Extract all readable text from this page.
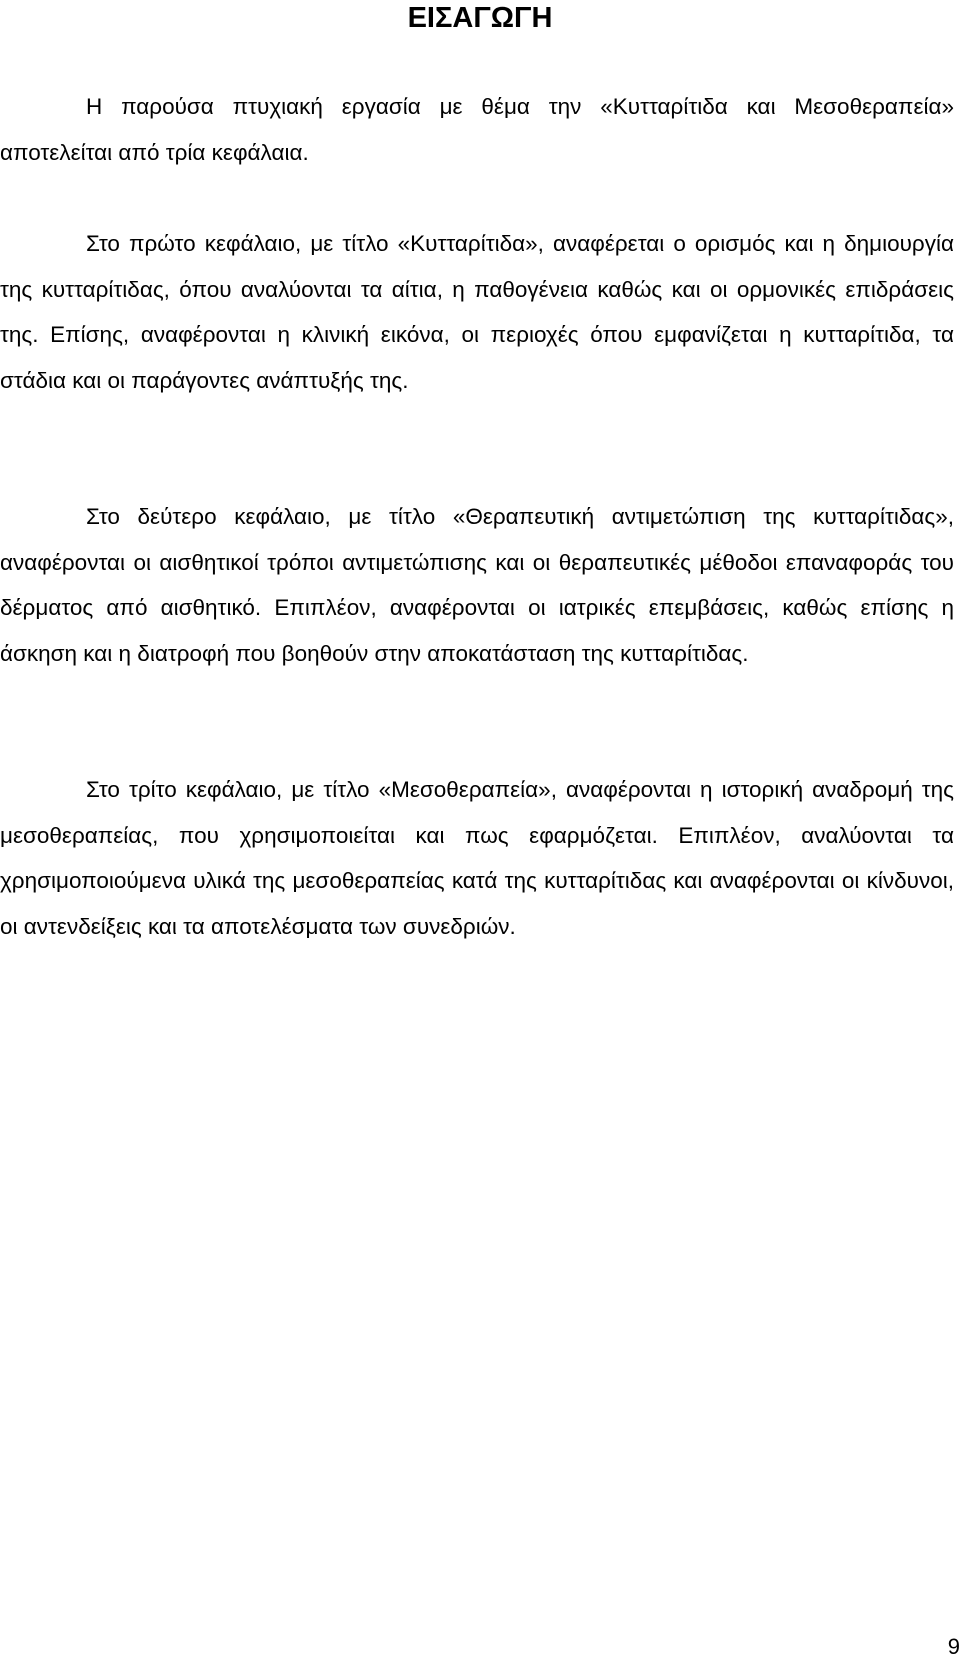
ΕΙΣΑΓΩΓΗ

Η παρούσα πτυχιακή εργασία με θέμα την «Κυτταρίτιδα και Μεσοθεραπεία» αποτελείται από τρία κεφάλαια.

Στο πρώτο κεφάλαιο, με τίτλο «Κυτταρίτιδα», αναφέρεται ο ορισμός και η δημιουργία της κυτταρίτιδας, όπου αναλύονται τα αίτια, η παθογένεια καθώς και οι ορμονικές επιδράσεις της. Επίσης, αναφέρονται η κλινική εικόνα, οι περιοχές όπου εμφανίζεται η κυτταρίτιδα, τα στάδια και οι παράγοντες ανάπτυξής της.

Στο δεύτερο κεφάλαιο, με τίτλο «Θεραπευτική αντιμετώπιση της κυτταρίτιδας», αναφέρονται οι αισθητικοί τρόποι αντιμετώπισης και οι θεραπευτικές μέθοδοι επαναφοράς του δέρματος από αισθητικό. Επιπλέον, αναφέρονται οι ιατρικές επεμβάσεις, καθώς επίσης η άσκηση και η διατροφή που βοηθούν στην αποκατάσταση της κυτταρίτιδας.

Στο τρίτο κεφάλαιο, με τίτλο «Μεσοθεραπεία», αναφέρονται η ιστορική αναδρομή της μεσοθεραπείας, που χρησιμοποιείται και πως εφαρμόζεται. Επιπλέον, αναλύονται τα χρησιμοποιούμενα υλικά της μεσοθεραπείας κατά της κυτταρίτιδας και αναφέρονται οι κίνδυνοι, οι αντενδείξεις και τα αποτελέσματα των συνεδριών.

9
